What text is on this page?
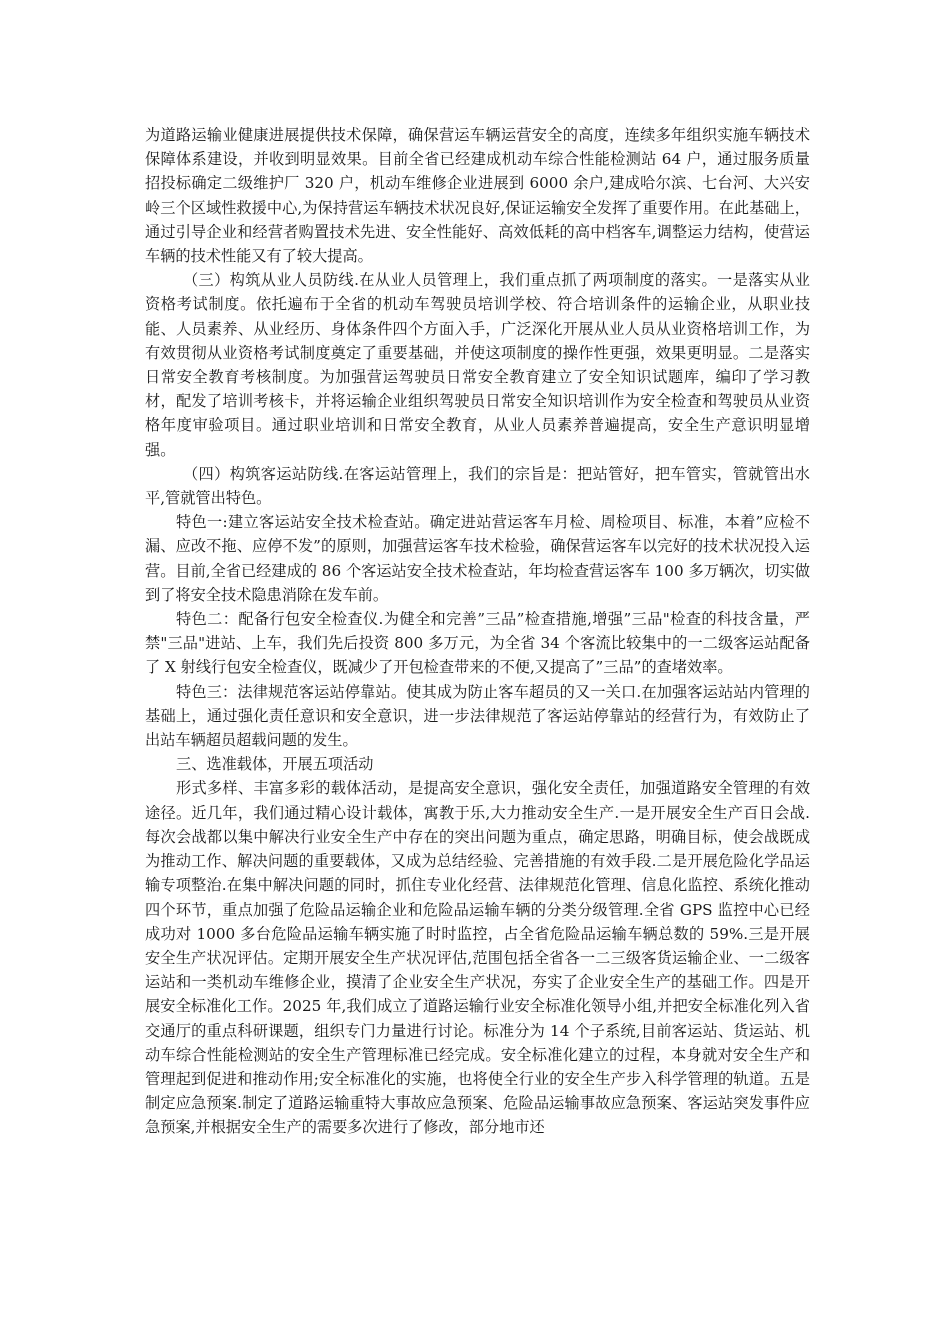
为道路运输业健康进展提供技术保障，确保营运车辆运营安全的高度，连续多年组织实施车辆技术保障体系建设，并收到明显效果。目前全省已经建成机动车综合性能检测站 64 户，通过服务质量招投标确定二级维护厂 320 户，机动车维修企业进展到 6000 余户,建成哈尔滨、七台河、大兴安岭三个区域性救援中心,为保持营运车辆技术状况良好,保证运输安全发挥了重要作用。在此基础上，通过引导企业和经营者购置技术先进、安全性能好、高效低耗的高中档客车,调整运力结构，使营运车辆的技术性能又有了较大提高。

（三）构筑从业人员防线.在从业人员管理上，我们重点抓了两项制度的落实。一是落实从业资格考试制度。依托遍布于全省的机动车驾驶员培训学校、符合培训条件的运输企业，从职业技能、人员素养、从业经历、身体条件四个方面入手，广泛深化开展从业人员从业资格培训工作，为有效贯彻从业资格考试制度奠定了重要基础，并使这项制度的操作性更强，效果更明显。二是落实日常安全教育考核制度。为加强营运驾驶员日常安全教育建立了安全知识试题库，编印了学习教材，配发了培训考核卡，并将运输企业组织驾驶员日常安全知识培训作为安全检查和驾驶员从业资格年度审验项目。通过职业培训和日常安全教育，从业人员素养普遍提高，安全生产意识明显增强。

（四）构筑客运站防线.在客运站管理上，我们的宗旨是：把站管好，把车管实，管就管出水平,管就管出特色。

特色一:建立客运站安全技术检查站。确定进站营运客车月检、周检项目、标准，本着”应检不漏、应改不拖、应停不发”的原则，加强营运客车技术检验，确保营运客车以完好的技术状况投入运营。目前,全省已经建成的 86 个客运站安全技术检查站，年均检查营运客车 100 多万辆次，切实做到了将安全技术隐患消除在发车前。

特色二：配备行包安全检查仪.为健全和完善”三品”检查措施,增强”三品"检查的科技含量，严禁"三品"进站、上车，我们先后投资 800 多万元，为全省 34 个客流比较集中的一二级客运站配备了 X 射线行包安全检查仪，既减少了开包检查带来的不便,又提高了”三品”的查堵效率。

特色三：法律规范客运站停靠站。使其成为防止客车超员的又一关口.在加强客运站站内管理的基础上，通过强化责任意识和安全意识，进一步法律规范了客运站停靠站的经营行为，有效防止了出站车辆超员超载问题的发生。

三、选准载体，开展五项活动

形式多样、丰富多彩的载体活动，是提高安全意识，强化安全责任，加强道路安全管理的有效途径。近几年，我们通过精心设计载体，寓教于乐,大力推动安全生产.一是开展安全生产百日会战.每次会战都以集中解决行业安全生产中存在的突出问题为重点，确定思路，明确目标，使会战既成为推动工作、解决问题的重要载体，又成为总结经验、完善措施的有效手段.二是开展危险化学品运输专项整治.在集中解决问题的同时，抓住专业化经营、法律规范化管理、信息化监控、系统化推动四个环节，重点加强了危险品运输企业和危险品运输车辆的分类分级管理.全省 GPS 监控中心已经成功对 1000 多台危险品运输车辆实施了时时监控，占全省危险品运输车辆总数的 59%.三是开展安全生产状况评估。定期开展安全生产状况评估,范围包括全省各一二三级客货运输企业、一二级客运站和一类机动车维修企业，摸清了企业安全生产状况，夯实了企业安全生产的基础工作。四是开展安全标准化工作。2025 年,我们成立了道路运输行业安全标准化领导小组,并把安全标准化列入省交通厅的重点科研课题，组织专门力量进行讨论。标准分为 14 个子系统,目前客运站、货运站、机动车综合性能检测站的安全生产管理标准已经完成。安全标准化建立的过程，本身就对安全生产和管理起到促进和推动作用;安全标准化的实施，也将使全行业的安全生产步入科学管理的轨道。五是制定应急预案.制定了道路运输重特大事故应急预案、危险品运输事故应急预案、客运站突发事件应急预案,并根据安全生产的需要多次进行了修改，部分地市还
